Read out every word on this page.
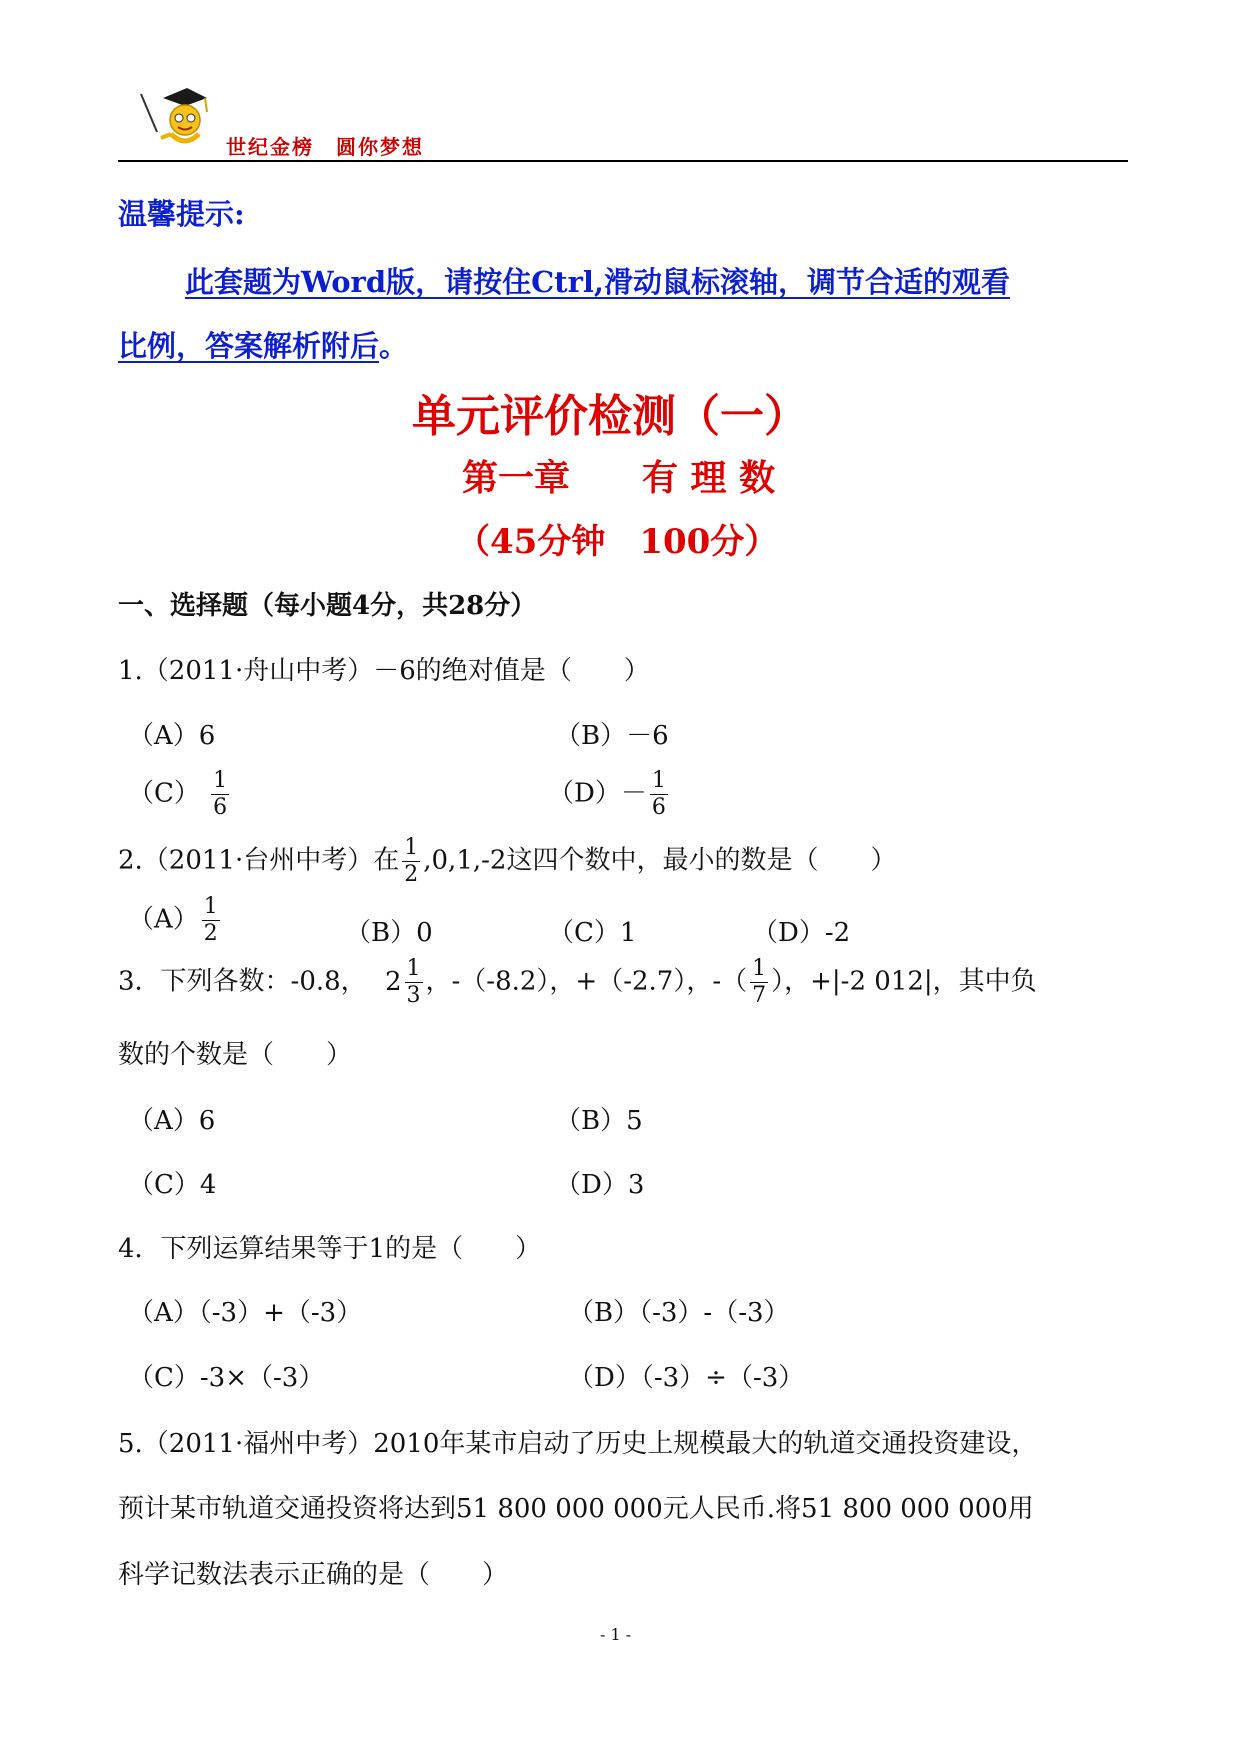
世纪金榜　圆你梦想
温馨提示:
此套题为Word版，请按住Ctrl,滑动鼠标滚轴，调节合适的观看
比例，答案解析附后。
单元评价检测（一）
第一章　　有 理 数
（45分钟　100分）
一、选择题（每小题4分，共28分）
1.（2011·舟山中考）－6的绝对值是（　　）
（A）6	（B）－6
$(C) \frac{1}{6}$	$(D)- \frac{1}{6}$
2.（2011·台州中考）在 $\frac{1}{2} ,0,1,-2$这四个数中，最小的数是（　　）
$(A) \frac{1}{2}$	（B）0	（C）1	（D）-2
3．下列各数：-0.8， $2 \frac{1}{3}$ ，-（-8.2），+（-2.7），-（ $\frac{1}{7}$ ），+|-2 012|，其中负
数的个数是（　　）
（A）6	（B）5
（C）4	（D）3
4．下列运算结果等于1的是（　　）
（A）（-3）+（-3）	（B）（-3）-（-3）
（C）-3×（-3）	（D）（-3）÷（-3）
5.（2011·福州中考）2010年某市启动了历史上规模最大的轨道交通投资建设，
预计某市轨道交通投资将达到51 800 000 000元人民币.将51 800 000 000用
科学记数法表示正确的是（　　）
- 1 -
